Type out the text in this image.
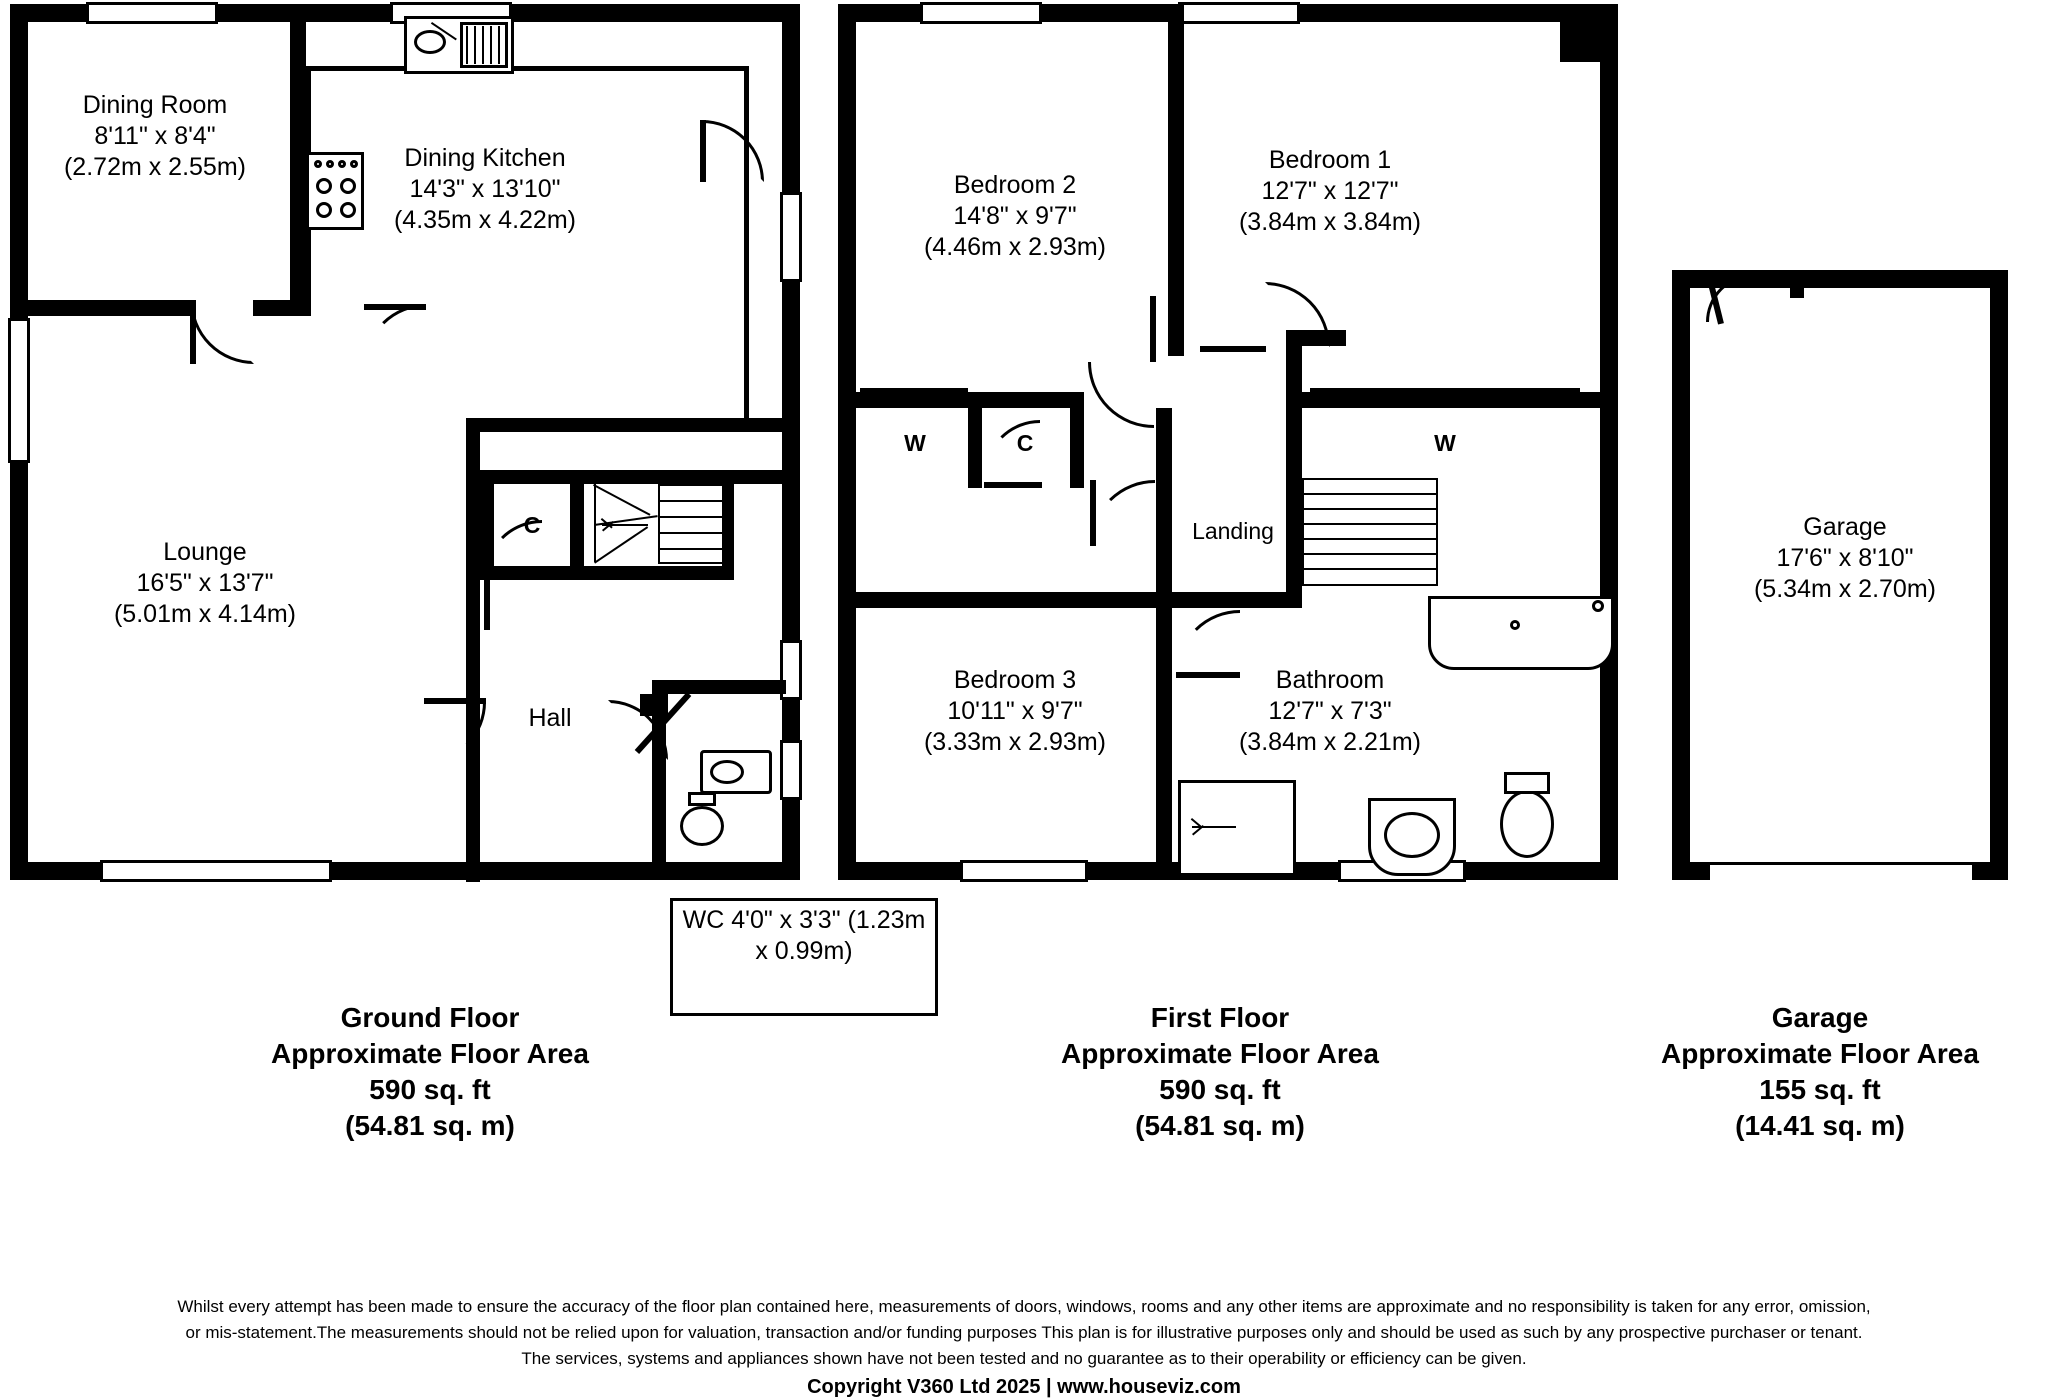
Dining Room
8'11" x 8'4"
(2.72m x 2.55m)	Dining Kitchen
14'3" x 13'10"
(4.35m x 4.22m)
Lounge
16'5" x 13'7"
(5.01m x 4.14m)
Hall
C
WC 4'0" x 3'3" (1.23m x 0.99m)
Ground Floor
Approximate Floor Area
590 sq. ft
(54.81 sq. m)
Bedroom 2
14'8" x 9'7"
(4.46m x 2.93m)
Bedroom 1
12'7" x 12'7"
(3.84m x 3.84m)
Bedroom 3
10'11" x 9'7"
(3.33m x 2.93m)
Bathroom
12'7" x 7'3"
(3.84m x 2.21m)
Landing
W	C	W
First Floor
Approximate Floor Area
590 sq. ft
(54.81 sq. m)
Garage
17'6" x 8'10"
(5.34m x 2.70m)
Garage
Approximate Floor Area
155 sq. ft
(14.41 sq. m)
Whilst every attempt has been made to ensure the accuracy of the floor plan contained here, measurements of doors, windows, rooms and any other items are approximate and no responsibility is taken for any error, omission,
or mis-statement.The measurements should not be relied upon for valuation, transaction and/or funding purposes This plan is for illustrative purposes only and should be used as such by any prospective purchaser or tenant.
The services, systems and appliances shown have not been tested and no guarantee as to their operability or efficiency can be given.
Copyright V360 Ltd 2025 | www.houseviz.com
